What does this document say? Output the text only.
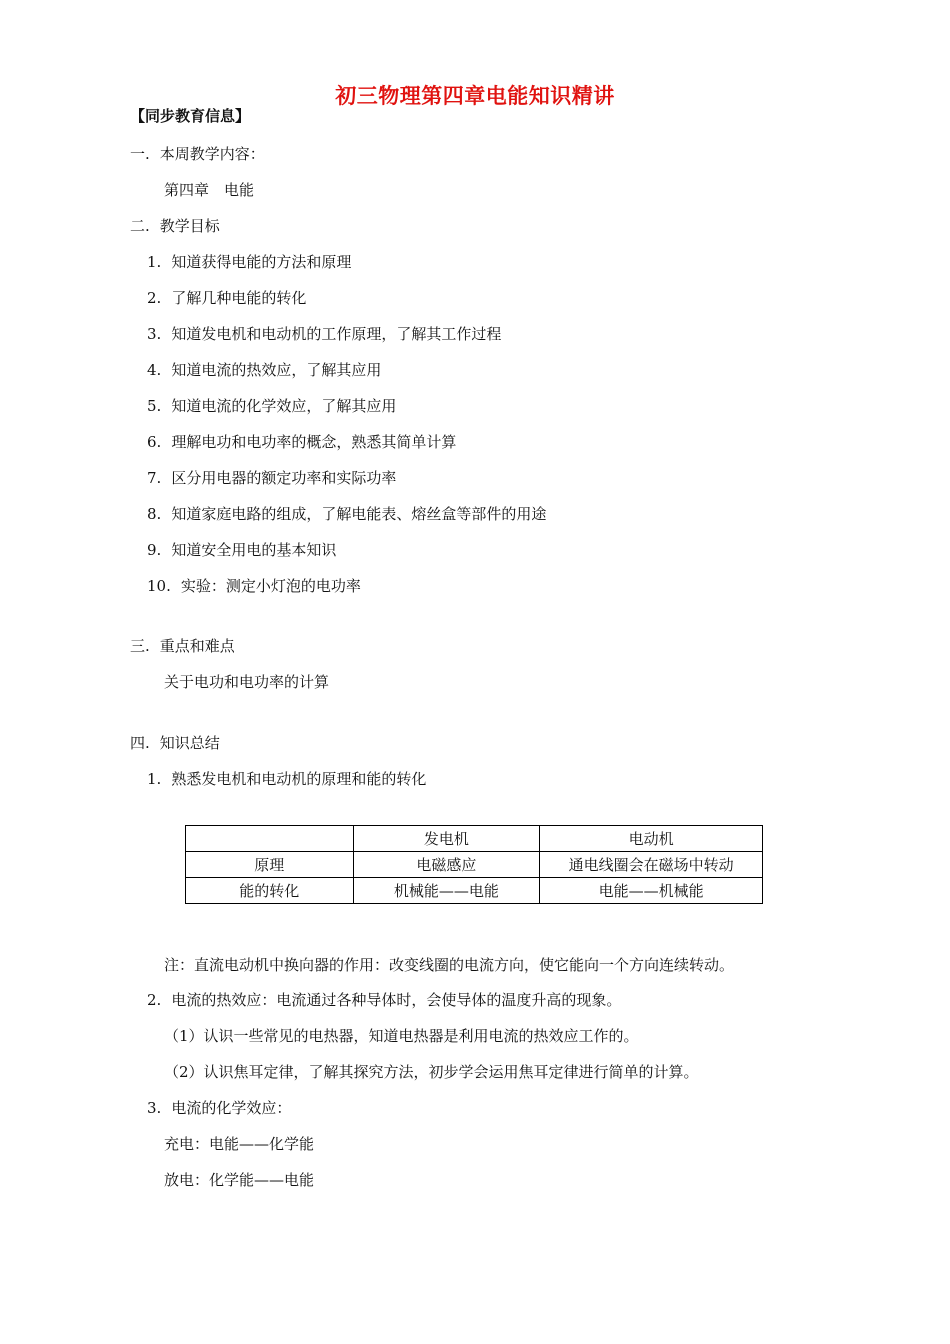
初三物理第四章电能知识精讲
【同步教育信息】
一. 本周教学内容：
第四章　电能
二. 教学目标
1. 知道获得电能的方法和原理
2. 了解几种电能的转化
3. 知道发电机和电动机的工作原理，了解其工作过程
4. 知道电流的热效应，了解其应用
5. 知道电流的化学效应，了解其应用
6. 理解电功和电功率的概念，熟悉其简单计算
7. 区分用电器的额定功率和实际功率
8. 知道家庭电路的组成，了解电能表、熔丝盒等部件的用途
9. 知道安全用电的基本知识
10. 实验：测定小灯泡的电功率
三. 重点和难点
关于电功和电功率的计算
四. 知识总结
1. 熟悉发电机和电动机的原理和能的转化
	发电机	电动机
原理	电磁感应	通电线圈会在磁场中转动
能的转化	机械能——电能	电能——机械能
注：直流电动机中换向器的作用：改变线圈的电流方向，使它能向一个方向连续转动。
2. 电流的热效应：电流通过各种导体时，会使导体的温度升高的现象。
（1）认识一些常见的电热器，知道电热器是利用电流的热效应工作的。
（2）认识焦耳定律，了解其探究方法，初步学会运用焦耳定律进行简单的计算。
3. 电流的化学效应：
充电：电能——化学能
放电：化学能——电能
